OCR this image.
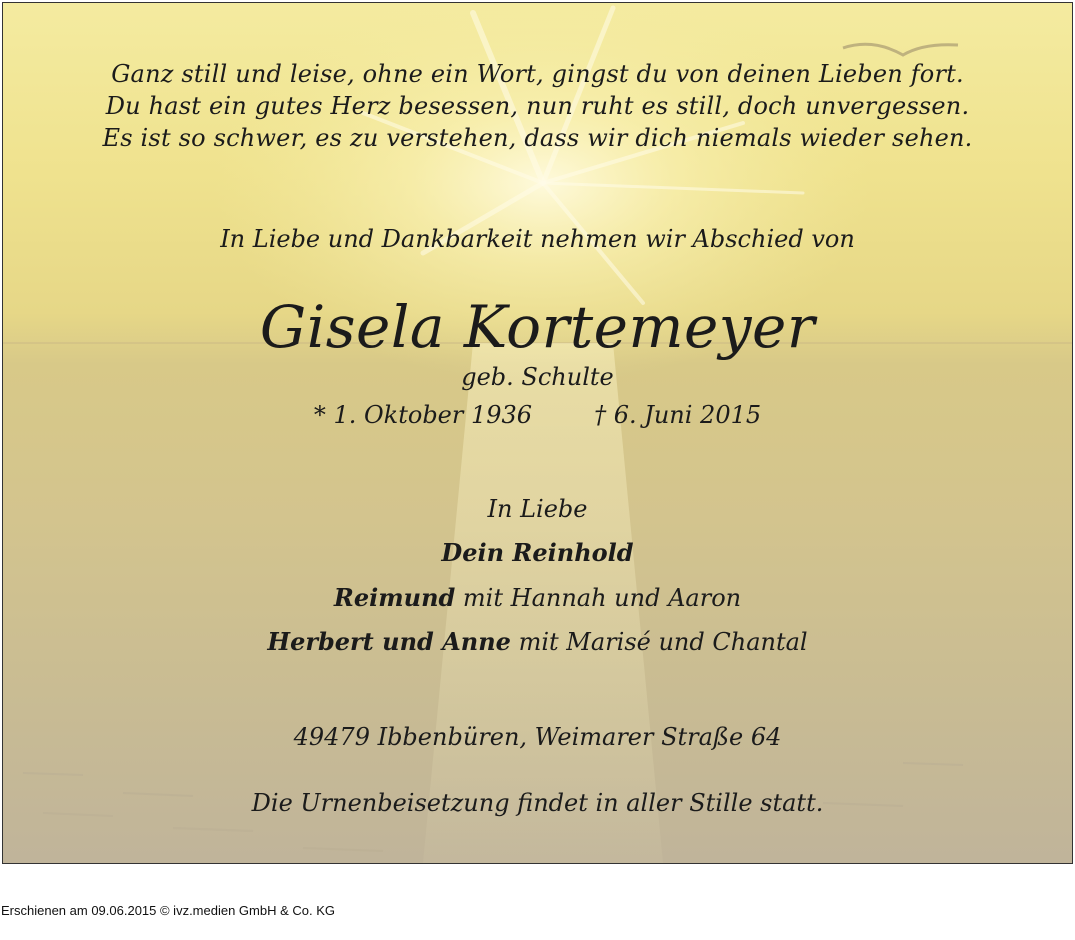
Ganz still und leise, ohne ein Wort, gingst du von deinen Lieben fort.
Du hast ein gutes Herz besessen, nun ruht es still, doch unvergessen.
Es ist so schwer, es zu verstehen, dass wir dich niemals wieder sehen.
In Liebe und Dankbarkeit nehmen wir Abschied von
Gisela Kortemeyer
geb. Schulte
* 1. Oktober 1936	† 6. Juni 2015
In Liebe
Dein Reinhold
Reimund mit Hannah und Aaron
Herbert und Anne mit Marisé und Chantal
49479 Ibbenbüren, Weimarer Straße 64
Die Urnenbeisetzung findet in aller Stille statt.
Erschienen am 09.06.2015 © ivz.medien GmbH & Co. KG
